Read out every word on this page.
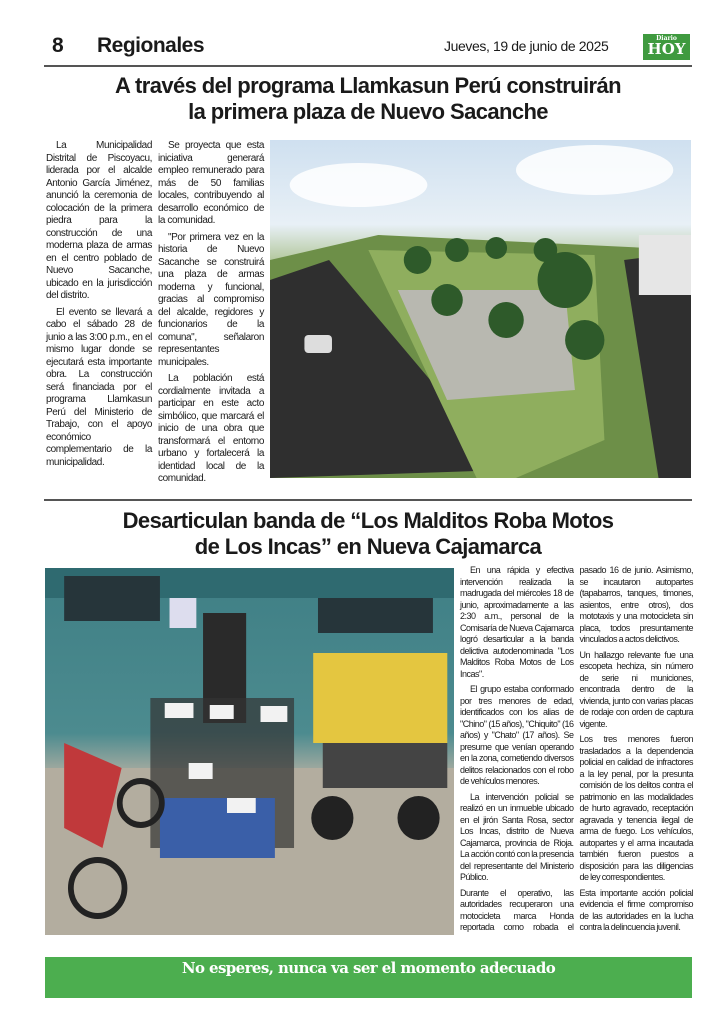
8 Regionales	Jueves, 19 de junio de 2025	Diario
HOY
A través del programa Llamkasun Perú construirán
la primera plaza de Nuevo Sacanche

La Municipalidad Distrital de Piscoyacu, liderada por el alcalde Antonio García Jiménez, anunció la ceremonia de colocación de la primera piedra para la construcción de una moderna plaza de armas en el centro poblado de Nuevo Sacanche, ubicado en la jurisdicción del distrito.

El evento se llevará a cabo el sábado 28 de junio a las 3:00 p.m., en el mismo lugar donde se ejecutará esta importante obra. La construcción será financiada por el programa Llamkasun Perú del Ministerio de Trabajo, con el apoyo económico complementario de la municipalidad.

Se proyecta que esta iniciativa generará empleo remunerado para más de 50 familias locales, contribuyendo al desarrollo económico de la comunidad.

"Por primera vez en la historia de Nuevo Sacanche se construirá una plaza de armas moderna y funcional, gracias al compromiso del alcalde, regidores y funcionarios de la comuna", señalaron representantes municipales.

La población está cordialmente invitada a participar en este acto simbólico, que marcará el inicio de una obra que transformará el entorno urbano y fortalecerá la identidad local de la comunidad.

Desarticulan banda de “Los Malditos Roba Motos
de Los Incas” en Nueva Cajamarca

En una rápida y efectiva intervención realizada la madrugada del miércoles 18 de junio, aproximadamente a las 2:30 a.m., personal de la Comisaría de Nueva Cajamarca logró desarticular a la banda delictiva autodenominada "Los Malditos Roba Motos de Los Incas".

El grupo estaba conformado por tres menores de edad, identificados con los alias de "Chino" (15 años), "Chiquito" (16 años) y "Chato" (17 años). Se presume que venían operando en la zona, cometiendo diversos delitos relacionados con el robo de vehículos menores.

La intervención policial se realizó en un inmueble ubicado en el jirón Santa Rosa, sector Los Incas, distrito de Nueva Cajamarca, provincia de Rioja. La acción contó con la presencia del representante del Ministerio Público.

Durante el operativo, las autoridades recuperaron una motocicleta marca Honda reportada como robada el pasado 16 de junio. Asimismo, se incautaron autopartes (tapabarros, tanques, timones, asientos, entre otros), dos mototaxis y una motocicleta sin placa, todos presuntamente vinculados a actos delictivos.

Un hallazgo relevante fue una escopeta hechiza, sin número de serie ni municiones, encontrada dentro de la vivienda, junto con varias placas de rodaje con orden de captura vigente.

Los tres menores fueron trasladados a la dependencia policial en calidad de infractores a la ley penal, por la presunta comisión de los delitos contra el patrimonio en las modalidades de hurto agravado, receptación agravada y tenencia ilegal de arma de fuego. Los vehículos, autopartes y el arma incautada también fueron puestos a disposición para las diligencias de ley correspondientes.

Esta importante acción policial evidencia el firme compromiso de las autoridades en la lucha contra la delincuencia juvenil.

No esperes, nunca va ser el momento adecuado
